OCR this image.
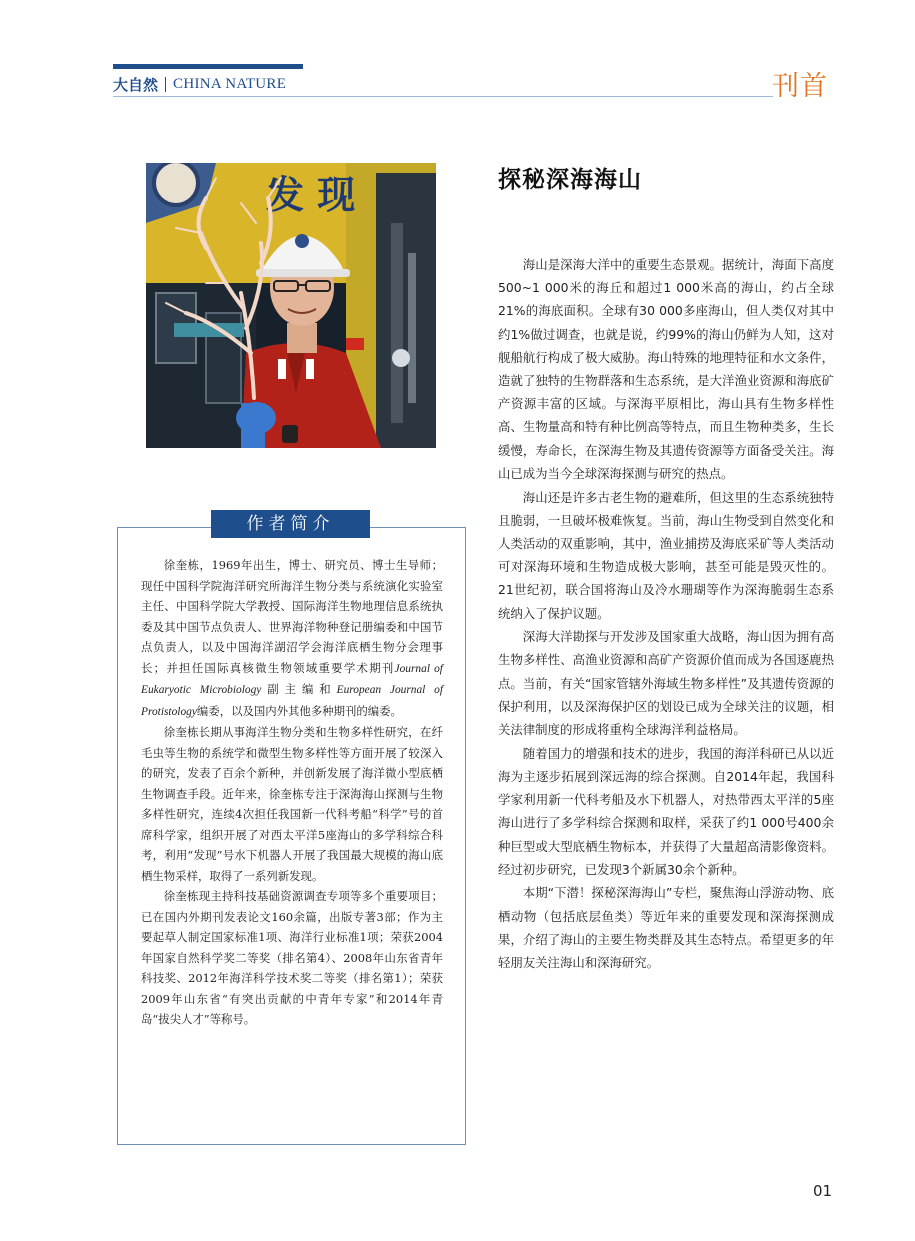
大自然 CHINA NATURE	刊首
发 现
作者简介

徐奎栋，1969年出生，博士、研究员、博士生导师；现任中国科学院海洋研究所海洋生物分类与系统演化实验室主任、中国科学院大学教授、国际海洋生物地理信息系统执委及其中国节点负责人、世界海洋物种登记册编委和中国节点负责人，以及中国海洋湖沼学会海洋底栖生物分会理事长；并担任国际真核微生物领域重要学术期刊Journal of Eukaryotic Microbiology副主编和European Journal of Protistology编委，以及国内外其他多种期刊的编委。

徐奎栋长期从事海洋生物分类和生物多样性研究，在纤毛虫等生物的系统学和微型生物多样性等方面开展了较深入的研究，发表了百余个新种，并创新发展了海洋微小型底栖生物调查手段。近年来，徐奎栋专注于深海海山探测与生物多样性研究，连续4次担任我国新一代科考船“科学”号的首席科学家，组织开展了对西太平洋5座海山的多学科综合科考，利用“发现”号水下机器人开展了我国最大规模的海山底栖生物采样，取得了一系列新发现。

徐奎栋现主持科技基础资源调查专项等多个重要项目；已在国内外期刊发表论文160余篇，出版专著3部；作为主要起草人制定国家标准1项、海洋行业标准1项；荣获2004年国家自然科学奖二等奖（排名第4）、2008年山东省青年科技奖、2012年海洋科学技术奖二等奖（排名第1）；荣获2009年山东省“有突出贡献的中青年专家”和2014年青岛“拔尖人才”等称号。

探秘深海海山

海山是深海大洋中的重要生态景观。据统计，海面下高度500~1 000米的海丘和超过1 000米高的海山，约占全球21%的海底面积。全球有30 000多座海山，但人类仅对其中约1%做过调查，也就是说，约99%的海山仍鲜为人知，这对舰船航行构成了极大威胁。海山特殊的地理特征和水文条件，造就了独特的生物群落和生态系统，是大洋渔业资源和海底矿产资源丰富的区域。与深海平原相比，海山具有生物多样性高、生物量高和特有种比例高等特点，而且生物种类多，生长缓慢，寿命长，在深海生物及其遗传资源等方面备受关注。海山已成为当今全球深海探测与研究的热点。

海山还是许多古老生物的避难所，但这里的生态系统独特且脆弱，一旦破坏极难恢复。当前，海山生物受到自然变化和人类活动的双重影响，其中，渔业捕捞及海底采矿等人类活动可对深海环境和生物造成极大影响，甚至可能是毁灭性的。21世纪初，联合国将海山及冷水珊瑚等作为深海脆弱生态系统纳入了保护议题。

深海大洋勘探与开发涉及国家重大战略，海山因为拥有高生物多样性、高渔业资源和高矿产资源价值而成为各国逐鹿热点。当前，有关“国家管辖外海域生物多样性”及其遗传资源的保护利用，以及深海保护区的划设已成为全球关注的议题，相关法律制度的形成将重构全球海洋利益格局。

随着国力的增强和技术的进步，我国的海洋科研已从以近海为主逐步拓展到深远海的综合探测。自2014年起，我国科学家利用新一代科考船及水下机器人，对热带西太平洋的5座海山进行了多学科综合探测和取样，采获了约1 000号400余种巨型或大型底栖生物标本，并获得了大量超高清影像资料。经过初步研究，已发现3个新属30余个新种。

本期“下潜！探秘深海海山”专栏，聚焦海山浮游动物、底栖动物（包括底层鱼类）等近年来的重要发现和深海探测成果，介绍了海山的主要生物类群及其生态特点。希望更多的年轻朋友关注海山和深海研究。

01
